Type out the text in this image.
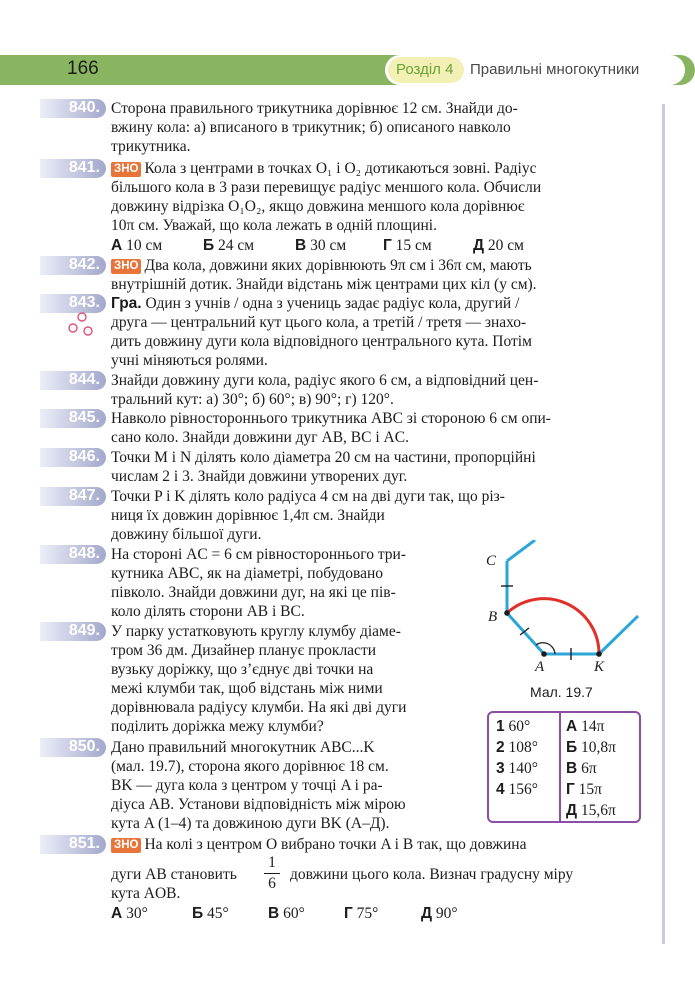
166	Розділ 4 Правильні многокутники
840. Сторона правильного трикутника дорівнює 12 см. Знайди до-
вжину кола: а) вписаного в трикутник; б) описаного навколо
трикутника.
841. ЗНО Кола з центрами в точках O₁ і O₂ дотикаються зовні. Радіус
більшого кола в 3 рази перевищує радіус меншого кола. Обчисли
довжину відрізка O₁O₂, якщо довжина меншого кола дорівнює
10π см. Уважай, що кола лежать в одній площині.
А 10 см	Б 24 см	В 30 см Г 15 см	Д 20 см
842. ЗНО Два кола, довжини яких дорівнюють 9π см і 36π см, мають
внутрішній дотик. Знайди відстань між центрами цих кіл (у см).
843. Гра. Один з учнів / одна з учениць задає радіус кола, другий /
друга — центральний кут цього кола, а третій / третя — знахо-
дить довжину дуги кола відповідного центрального кута. Потім
учні міняються ролями.
844. Знайди довжину дуги кола, радіус якого 6 см, а відповідний цен-
тральний кут: а) 30°; б) 60°; в) 90°; г) 120°.
845. Навколо рівностороннього трикутника ABC зі стороною 6 см опи-
сано коло. Знайди довжини дуг AB, BC і AC.
846. Точки M і N ділять коло діаметра 20 см на частини, пропорційні
числам 2 і 3. Знайди довжини утворених дуг.
847. Точки P і K ділять коло радіуса 4 см на дві дуги так, що різ-
ниця їх довжин дорівнює 1,4π см. Знайди
довжину більшої дуги.
848. На стороні AC = 6 см рівностороннього три-
кутника ABC, як на діаметрі, побудовано
півколо. Знайди довжини дуг, на які це пів-
коло ділять сторони AB і BC.
849. У парку устатковують круглу клумбу діаме-
тром 36 дм. Дизайнер планує прокласти
вузьку доріжку, що з’єднує дві точки на
межі клумби так, щоб відстань між ними
дорівнювала радіусу клумби. На які дві дуги
поділить доріжка межу клумби?
850. Дано правильний многокутник ABC...K
(мал. 19.7), сторона якого дорівнює 18 см.
BK — дуга кола з центром у точці A і ра-
діуса AB. Установи відповідність між мірою
кута A (1–4) та довжиною дуги BK (А–Д).
851. ЗНО На колі з центром O вибрано точки A і B так, що довжина
дуги AB становить
1
6
довжини цього кола. Визнач градусну міру
кута AOB.
А 30°	Б 45°	В 60°	Г 75°	Д 90°
C
B
A	K
Мал. 19.7
1 60°
2 108°
3 140°
4 156°
А 14π
Б 10,8π
В 6π
Г 15π
Д 15,6π
